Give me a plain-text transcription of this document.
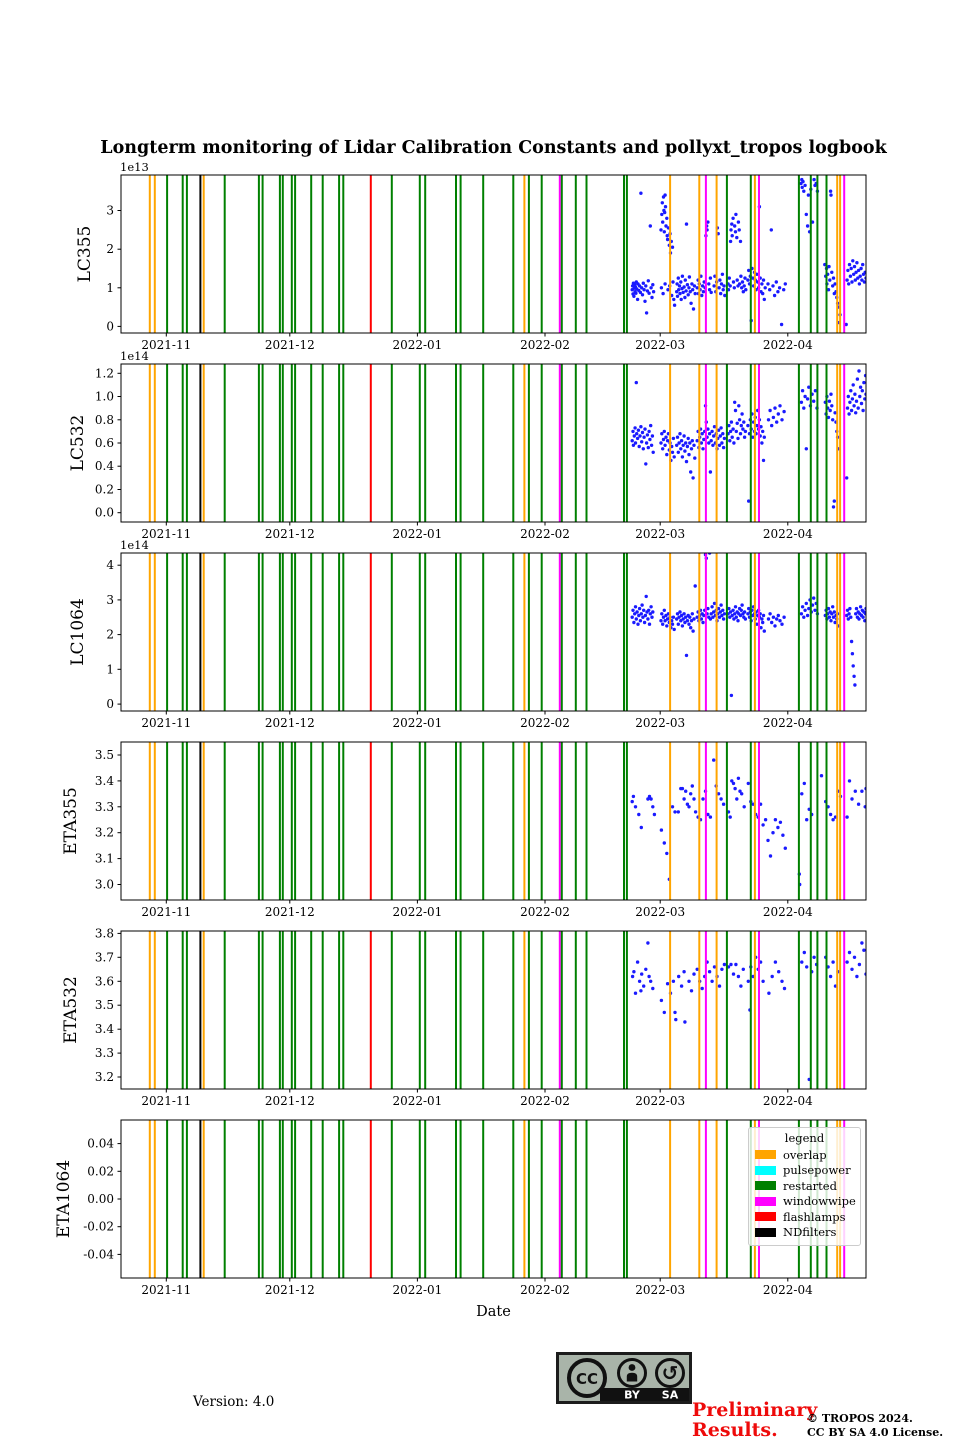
Longterm monitoring of Lidar Calibration Constants and pollyxt_tropos logbook
LC355
LC532
LC1064
ETA355
ETA532
ETA1064
1e13
1e14
1e14
2021-11	2021-12	2022-01	2022-02	2022-03	2022-04
0
1
2
3
2021-11	2021-12	2022-01	2022-02	2022-03	2022-04
0.0
0.2
0.4
0.6
0.8
1.0
1.2
2021-11	2021-12	2022-01	2022-02	2022-03	2022-04
0
1
2
3
4
2021-11	2021-12	2022-01	2022-02	2022-03	2022-04
3.0
3.1
3.2
3.3
3.4
3.5
2021-11	2021-12	2022-01	2022-02	2022-03	2022-04
3.2
3.3
3.4
3.5
3.6
3.7
3.8
2021-11	2021-12	2022-01	2022-02	2022-03	2022-04
-0.04
-0.02
0.00
0.02
0.04
Date
legend
overlap
pulsepower
restarted
windowwipe
flashlamps
NDfilters
Version: 4.0
CC	↺
BY SA
Preliminary
Results.
© TROPOS 2024.
CC BY SA 4.0 License.
